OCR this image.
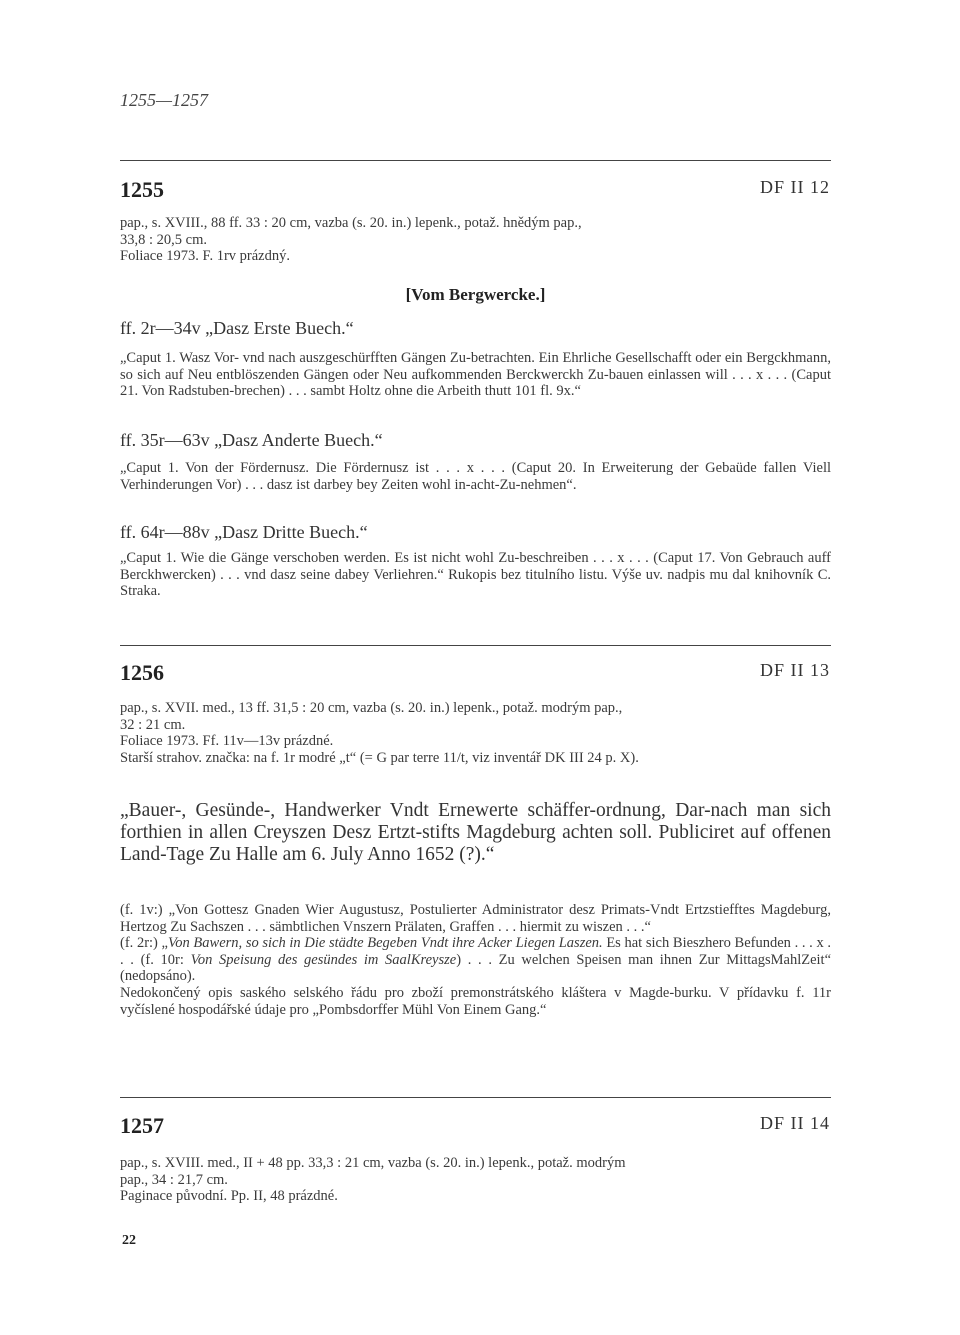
1255—1257
1255	DF II 12

pap., s. XVIII., 88 ff. 33 : 20 cm, vazba (s. 20. in.) lepenk., potaž. hnědým pap.,

33,8 : 20,5 cm.

Foliace 1973. F. 1rv prázdný.

[Vom Bergwercke.]
ff. 2r—34v „Dasz Erste Buech.“

„Caput 1. Wasz Vor- vnd nach auszgeschürfften Gängen Zu-betrachten. Ein Ehrliche Gesellschafft oder ein Bergckhmann, so sich auf Neu entblöszenden Gängen oder Neu aufkommenden Berckwerckh Zu-bauen einlassen will . . . x . . . (Caput 21. Von Radstuben-brechen) . . . sambt Holtz ohne die Arbeith thutt 101 fl. 9x.“

ff. 35r—63v „Dasz Anderte Buech.“

„Caput 1. Von der Fördernusz. Die Fördernusz ist . . . x . . . (Caput 20. In Erweiterung der Gebaüde fallen Viell Verhinderungen Vor) . . . dasz ist darbey bey Zeiten wohl in-acht-Zu-nehmen“.

ff. 64r—88v „Dasz Dritte Buech.“

„Caput 1. Wie die Gänge verschoben werden. Es ist nicht wohl Zu-beschreiben . . . x . . . (Caput 17. Von Gebrauch auff Berckhwercken) . . . vnd dasz seine dabey Verliehren.“ Rukopis bez titulního listu. Výše uv. nadpis mu dal knihovník C. Straka.

1256	DF II 13

pap., s. XVII. med., 13 ff. 31,5 : 20 cm, vazba (s. 20. in.) lepenk., potaž. modrým pap.,

32 : 21 cm.

Foliace 1973. Ff. 11v—13v prázdné.

Starší strahov. značka: na f. 1r modré „t“ (= G par terre 11/t, viz inventář DK III 24 p. X).

„Bauer-, Gesünde-, Handwerker Vndt Ernewerte schäffer-ordnung, Dar-nach man sich forthien in allen Creyszen Desz Ertzt-stifts Magdeburg achten soll. Publiciret auf offenen Land-Tage Zu Halle am 6. July Anno 1652 (?).“

(f. 1v:) „Von Gottesz Gnaden Wier Augustusz, Postulierter Administrator desz Primats-Vndt Ertzstiefftes Magdeburg, Hertzog Zu Sachszen . . . sämbtlichen Vnszern Prälaten, Graffen . . . hiermit zu wiszen . . .“

(f. 2r:) „Von Bawern, so sich in Die städte Begeben Vndt ihre Acker Liegen Laszen. Es hat sich Bieszhero Befunden . . . x . . . (f. 10r: Von Speisung des gesündes im SaalKreysze) . . . Zu welchen Speisen man ihnen Zur MittagsMahlZeit“ (nedopsáno).

Nedokončený opis saského selského řádu pro zboží premonstrátského kláštera v Magde-burku. V přídavku f. 11r vyčíslené hospodářské údaje pro „Pombsdorffer Mühl Von Einem Gang.“

1257	DF II 14

pap., s. XVIII. med., II + 48 pp. 33,3 : 21 cm, vazba (s. 20. in.) lepenk., potaž. modrým

pap., 34 : 21,7 cm.

Paginace původní. Pp. II, 48 prázdné.

22
